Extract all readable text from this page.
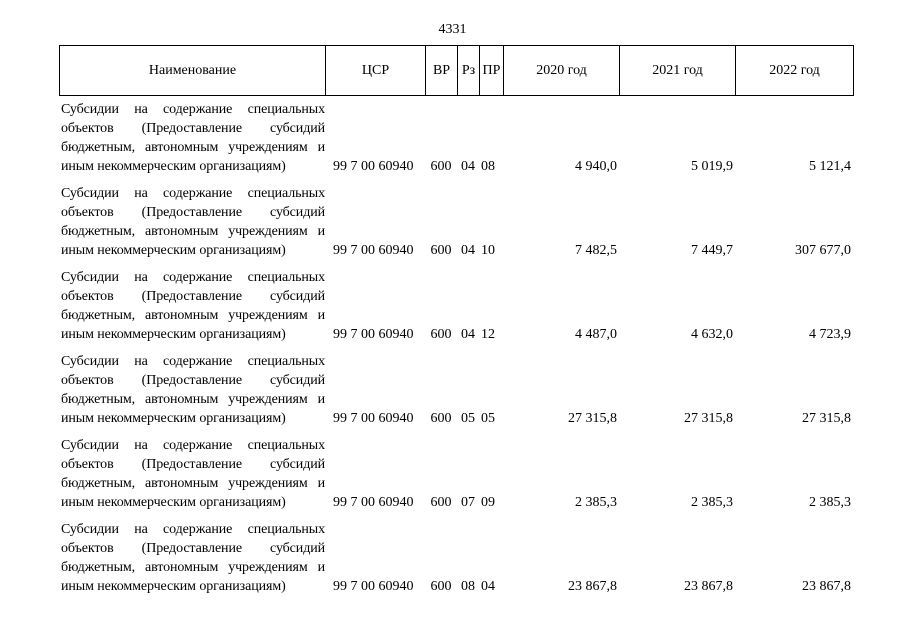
4331
Наименование	ЦСР	ВР	Рз	ПР	2020 год	2021 год	2022 год
Субсидии на содержание специальных объектов (Предоставление субсидий бюджетным, автономным учреждениям и иным некоммерческим организациям)	99 7 00 60940	600	04	08	4 940,0	5 019,9	5 121,4
Субсидии на содержание специальных объектов (Предоставление субсидий бюджетным, автономным учреждениям и иным некоммерческим организациям)	99 7 00 60940	600	04	10	7 482,5	7 449,7	307 677,0
Субсидии на содержание специальных объектов (Предоставление субсидий бюджетным, автономным учреждениям и иным некоммерческим организациям)	99 7 00 60940	600	04	12	4 487,0	4 632,0	4 723,9
Субсидии на содержание специальных объектов (Предоставление субсидий бюджетным, автономным учреждениям и иным некоммерческим организациям)	99 7 00 60940	600	05	05	27 315,8	27 315,8	27 315,8
Субсидии на содержание специальных объектов (Предоставление субсидий бюджетным, автономным учреждениям и иным некоммерческим организациям)	99 7 00 60940	600	07	09	2 385,3	2 385,3	2 385,3
Субсидии на содержание специальных объектов (Предоставление субсидий бюджетным, автономным учреждениям и иным некоммерческим организациям)	99 7 00 60940	600	08	04	23 867,8	23 867,8	23 867,8
